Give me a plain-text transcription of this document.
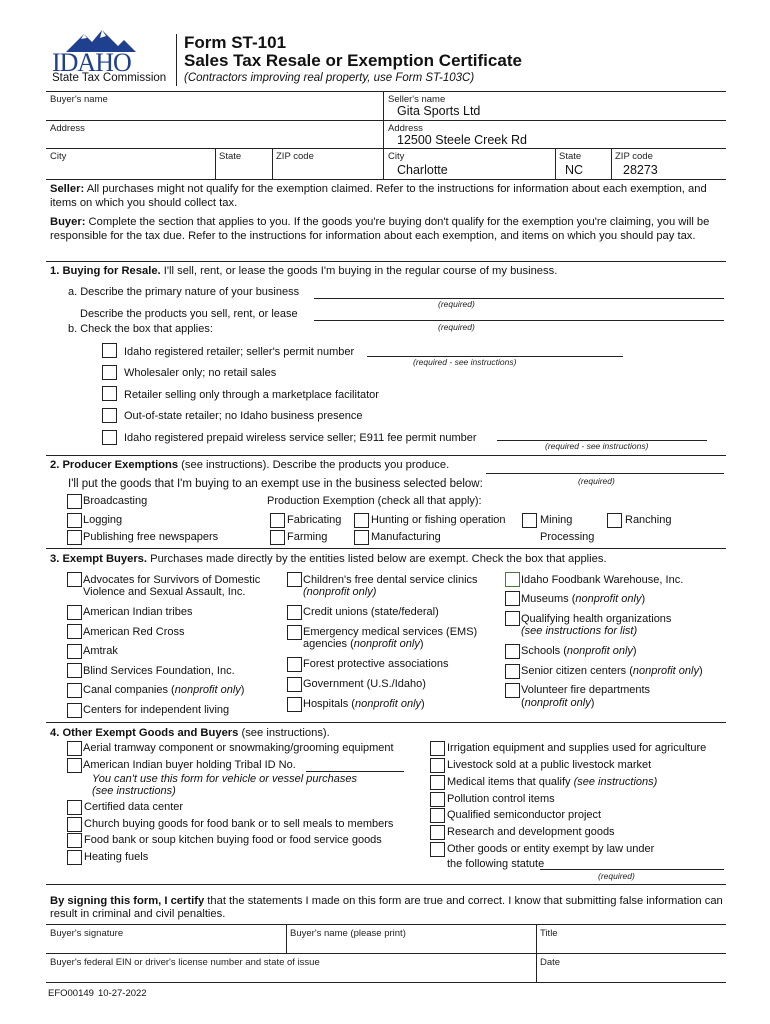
IDAHO
State Tax Commission
Form ST-101
Sales Tax Resale or Exemption Certificate
(Contractors improving real property, use Form ST-103C)
Buyer's name
Address
City	State	ZIP code
Seller's name
Gita Sports Ltd
Address
12500 Steele Creek Rd
City
Charlotte
State
NC
ZIP code
28273
Seller: All purchases might not qualify for the exemption claimed. Refer to the instructions for information about each exemption, and items on which you should collect tax.
Buyer: Complete the section that applies to you. If the goods you're buying don't qualify for the exemption you're claiming, you will be responsible for the tax due. Refer to the instructions for information about each exemption, and items on which you should pay tax.
1. Buying for Resale. I'll sell, rent, or lease the goods I'm buying in the regular course of my business.
a. Describe the primary nature of your business
(required)
Describe the products you sell, rent, or lease
(required)
b. Check the box that applies:
Idaho registered retailer; seller's permit number
(required - see instructions)
Wholesaler only; no retail sales
Retailer selling only through a marketplace facilitator
Out-of-state retailer; no Idaho business presence
Idaho registered prepaid wireless service seller; E911 fee permit number
(required - see instructions)
2. Producer Exemptions (see instructions). Describe the products you produce.
(required)
I'll put the goods that I'm buying to an exempt use in the business selected below:
Broadcasting	Production Exemption (check all that apply):
Logging	Fabricating	Hunting or fishing operation	Mining	Ranching
Publishing free newspapers	Farming	Manufacturing	Processing
3. Exempt Buyers. Purchases made directly by the entities listed below are exempt. Check the box that applies.
Advocates for Survivors of Domestic
Violence and Sexual Assault, Inc.
American Indian tribes
American Red Cross
Amtrak
Blind Services Foundation, Inc.
Canal companies (nonprofit only)
Centers for independent living
Children's free dental service clinics
(nonprofit only)
Credit unions (state/federal)
Emergency medical services (EMS)
agencies (nonprofit only)
Forest protective associations
Government (U.S./Idaho)
Hospitals (nonprofit only)
Idaho Foodbank Warehouse, Inc.
Museums (nonprofit only)
Qualifying health organizations
(see instructions for list)
Schools (nonprofit only)
Senior citizen centers (nonprofit only)
Volunteer fire departments
(nonprofit only)
4. Other Exempt Goods and Buyers (see instructions).
Aerial tramway component or snowmaking/grooming equipment
American Indian buyer holding Tribal ID No.
You can't use this form for vehicle or vessel purchases
(see instructions)
Certified data center
Church buying goods for food bank or to sell meals to members
Food bank or soup kitchen buying food or food service goods
Heating fuels
Irrigation equipment and supplies used for agriculture
Livestock sold at a public livestock market
Medical items that qualify (see instructions)
Pollution control items
Qualified semiconductor project
Research and development goods
Other goods or entity exempt by law under
the following statute
(required)
By signing this form, I certify that the statements I made on this form are true and correct. I know that submitting false information can result in criminal and civil penalties.
Buyer's signature	Buyer's name (please print)	Title
Buyer's federal EIN or driver's license number and state of issue	Date
EFO00149 10-27-2022
